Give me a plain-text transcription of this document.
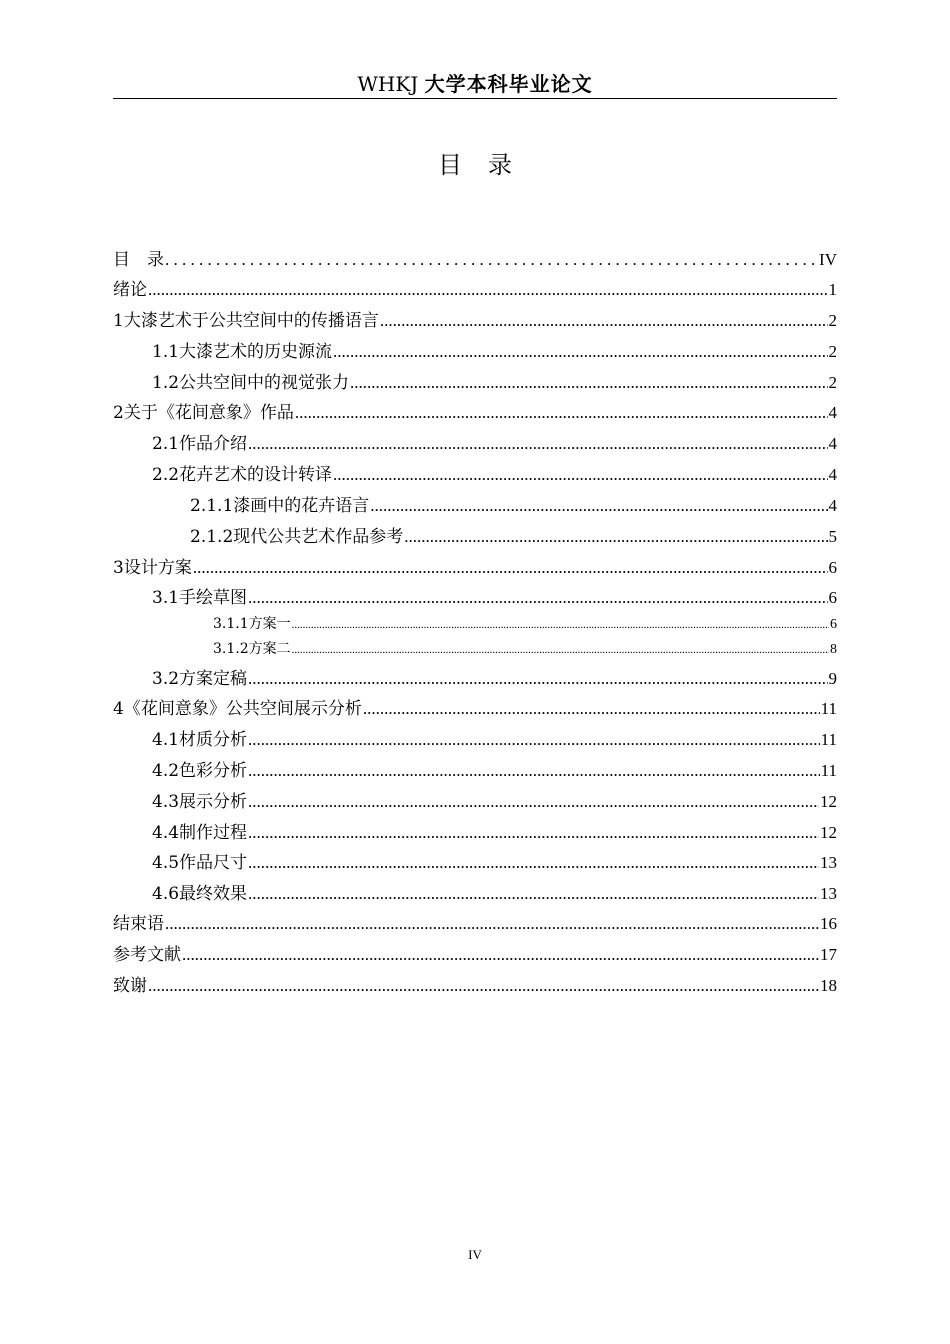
WHKJ 大学本科毕业论文
目录
目　录 . . .	IV
绪论 .....	1
1 大漆艺术于公共空间中的传播语言 .....	2
1.1 大漆艺术的历史源流 .....	2
1.2 公共空间中的视觉张力 .....	2
2 关于《花间意象》作品 .....	4
2.1 作品介绍 .....	4
2.2 花卉艺术的设计转译 .....	4
2.1.1 漆画中的花卉语言 .....	4
2.1.2 现代公共艺术作品参考 .....	5
3 设计方案 .....	6
3.1 手绘草图 .....	6
3.1.1 方案一 .....	6
3.1.2 方案二 .....	8
3.2 方案定稿 .....	9
4 《花间意象》公共空间展示分析 .....	11
4.1 材质分析 .....	11
4.2 色彩分析 .....	11
4.3 展示分析 .....	12
4.4 制作过程 .....	12
4.5 作品尺寸 .....	13
4.6 最终效果 .....	13
结束语 .....	16
参考文献 .....	17
致谢 .....	18
IV
